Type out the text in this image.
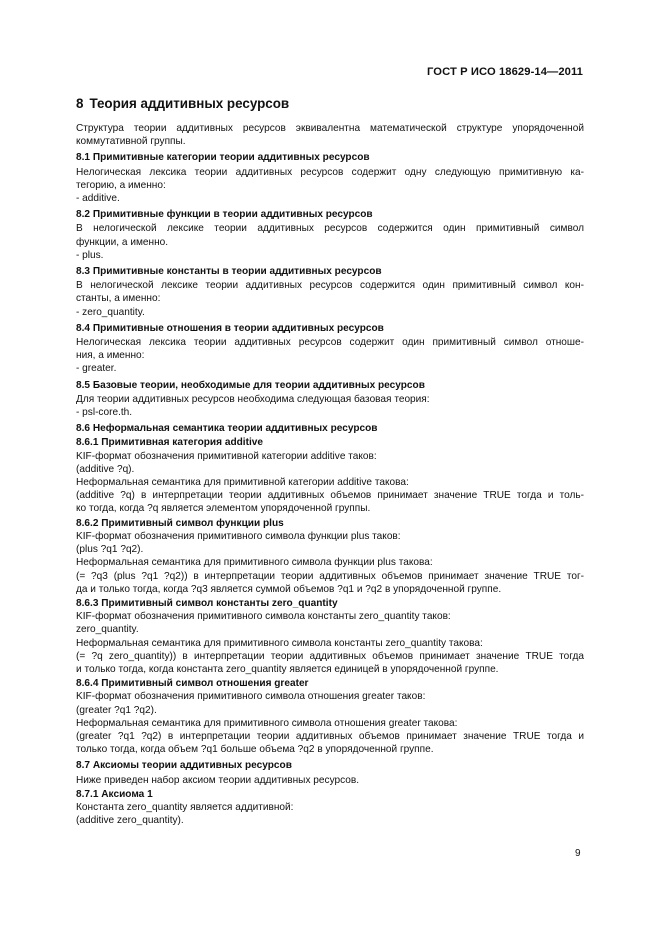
ГОСТ Р ИСО 18629-14—2011
8 Теория аддитивных ресурсов
Структура теории аддитивных ресурсов эквивалентна математической структуре упорядоченной
коммутативной группы.
8.1 Примитивные категории теории аддитивных ресурсов
Нелогическая лексика теории аддитивных ресурсов содержит одну следующую примитивную ка-
тегорию, а именно:
- additive.
8.2 Примитивные функции в теории аддитивных ресурсов
В нелогической лексике теории аддитивных ресурсов содержится один примитивный символ
функции, а именно.
- plus.
8.3 Примитивные константы в теории аддитивных ресурсов
В нелогической лексике теории аддитивных ресурсов содержится один примитивный символ кон-
станты, а именно:
- zero_quantity.
8.4 Примитивные отношения в теории аддитивных ресурсов
Нелогическая лексика теории аддитивных ресурсов содержит один примитивный символ отноше-
ния, а именно:
- greater.
8.5 Базовые теории, необходимые для теории аддитивных ресурсов
Для теории аддитивных ресурсов необходима следующая базовая теория:
- psl-core.th.
8.6 Неформальная семантика теории аддитивных ресурсов
8.6.1 Примитивная категория additive
KIF-формат обозначения примитивной категории additive таков:
(additive ?q).
Неформальная семантика для примитивной категории additive такова:
(additive ?q) в интерпретации теории аддитивных объемов принимает значение TRUE тогда и толь-
ко тогда, когда ?q является элементом упорядоченной группы.
8.6.2 Примитивный символ функции plus
KIF-формат обозначения примитивного символа функции plus таков:
(plus ?q1 ?q2).
Неформальная семантика для примитивного символа функции plus такова:
(= ?q3 (plus ?q1 ?q2)) в интерпретации теории аддитивных объемов принимает значение TRUE тог-
да и только тогда, когда ?q3 является суммой объемов ?q1 и ?q2 в упорядоченной группе.
8.6.3 Примитивный символ константы zero_quantity
KIF-формат обозначения примитивного символа константы zero_quantity таков:
zero_quantity.
Неформальная семантика для примитивного символа константы zero_quantity такова:
(= ?q zero_quantity)) в интерпретации теории аддитивных объемов принимает значение TRUE тогда
и только тогда, когда константа zero_quantity является единицей в упорядоченной группе.
8.6.4 Примитивный символ отношения greater
KIF-формат обозначения примитивного символа отношения greater таков:
(greater ?q1 ?q2).
Неформальная семантика для примитивного символа отношения greater такова:
(greater ?q1 ?q2) в интерпретации теории аддитивных объемов принимает значение TRUE тогда и
только тогда, когда объем ?q1 больше объема ?q2 в упорядоченной группе.
8.7 Аксиомы теории аддитивных ресурсов
Ниже приведен набор аксиом теории аддитивных ресурсов.
8.7.1 Аксиома 1
Константа zero_quantity является аддитивной:
(additive zero_quantity).
9
